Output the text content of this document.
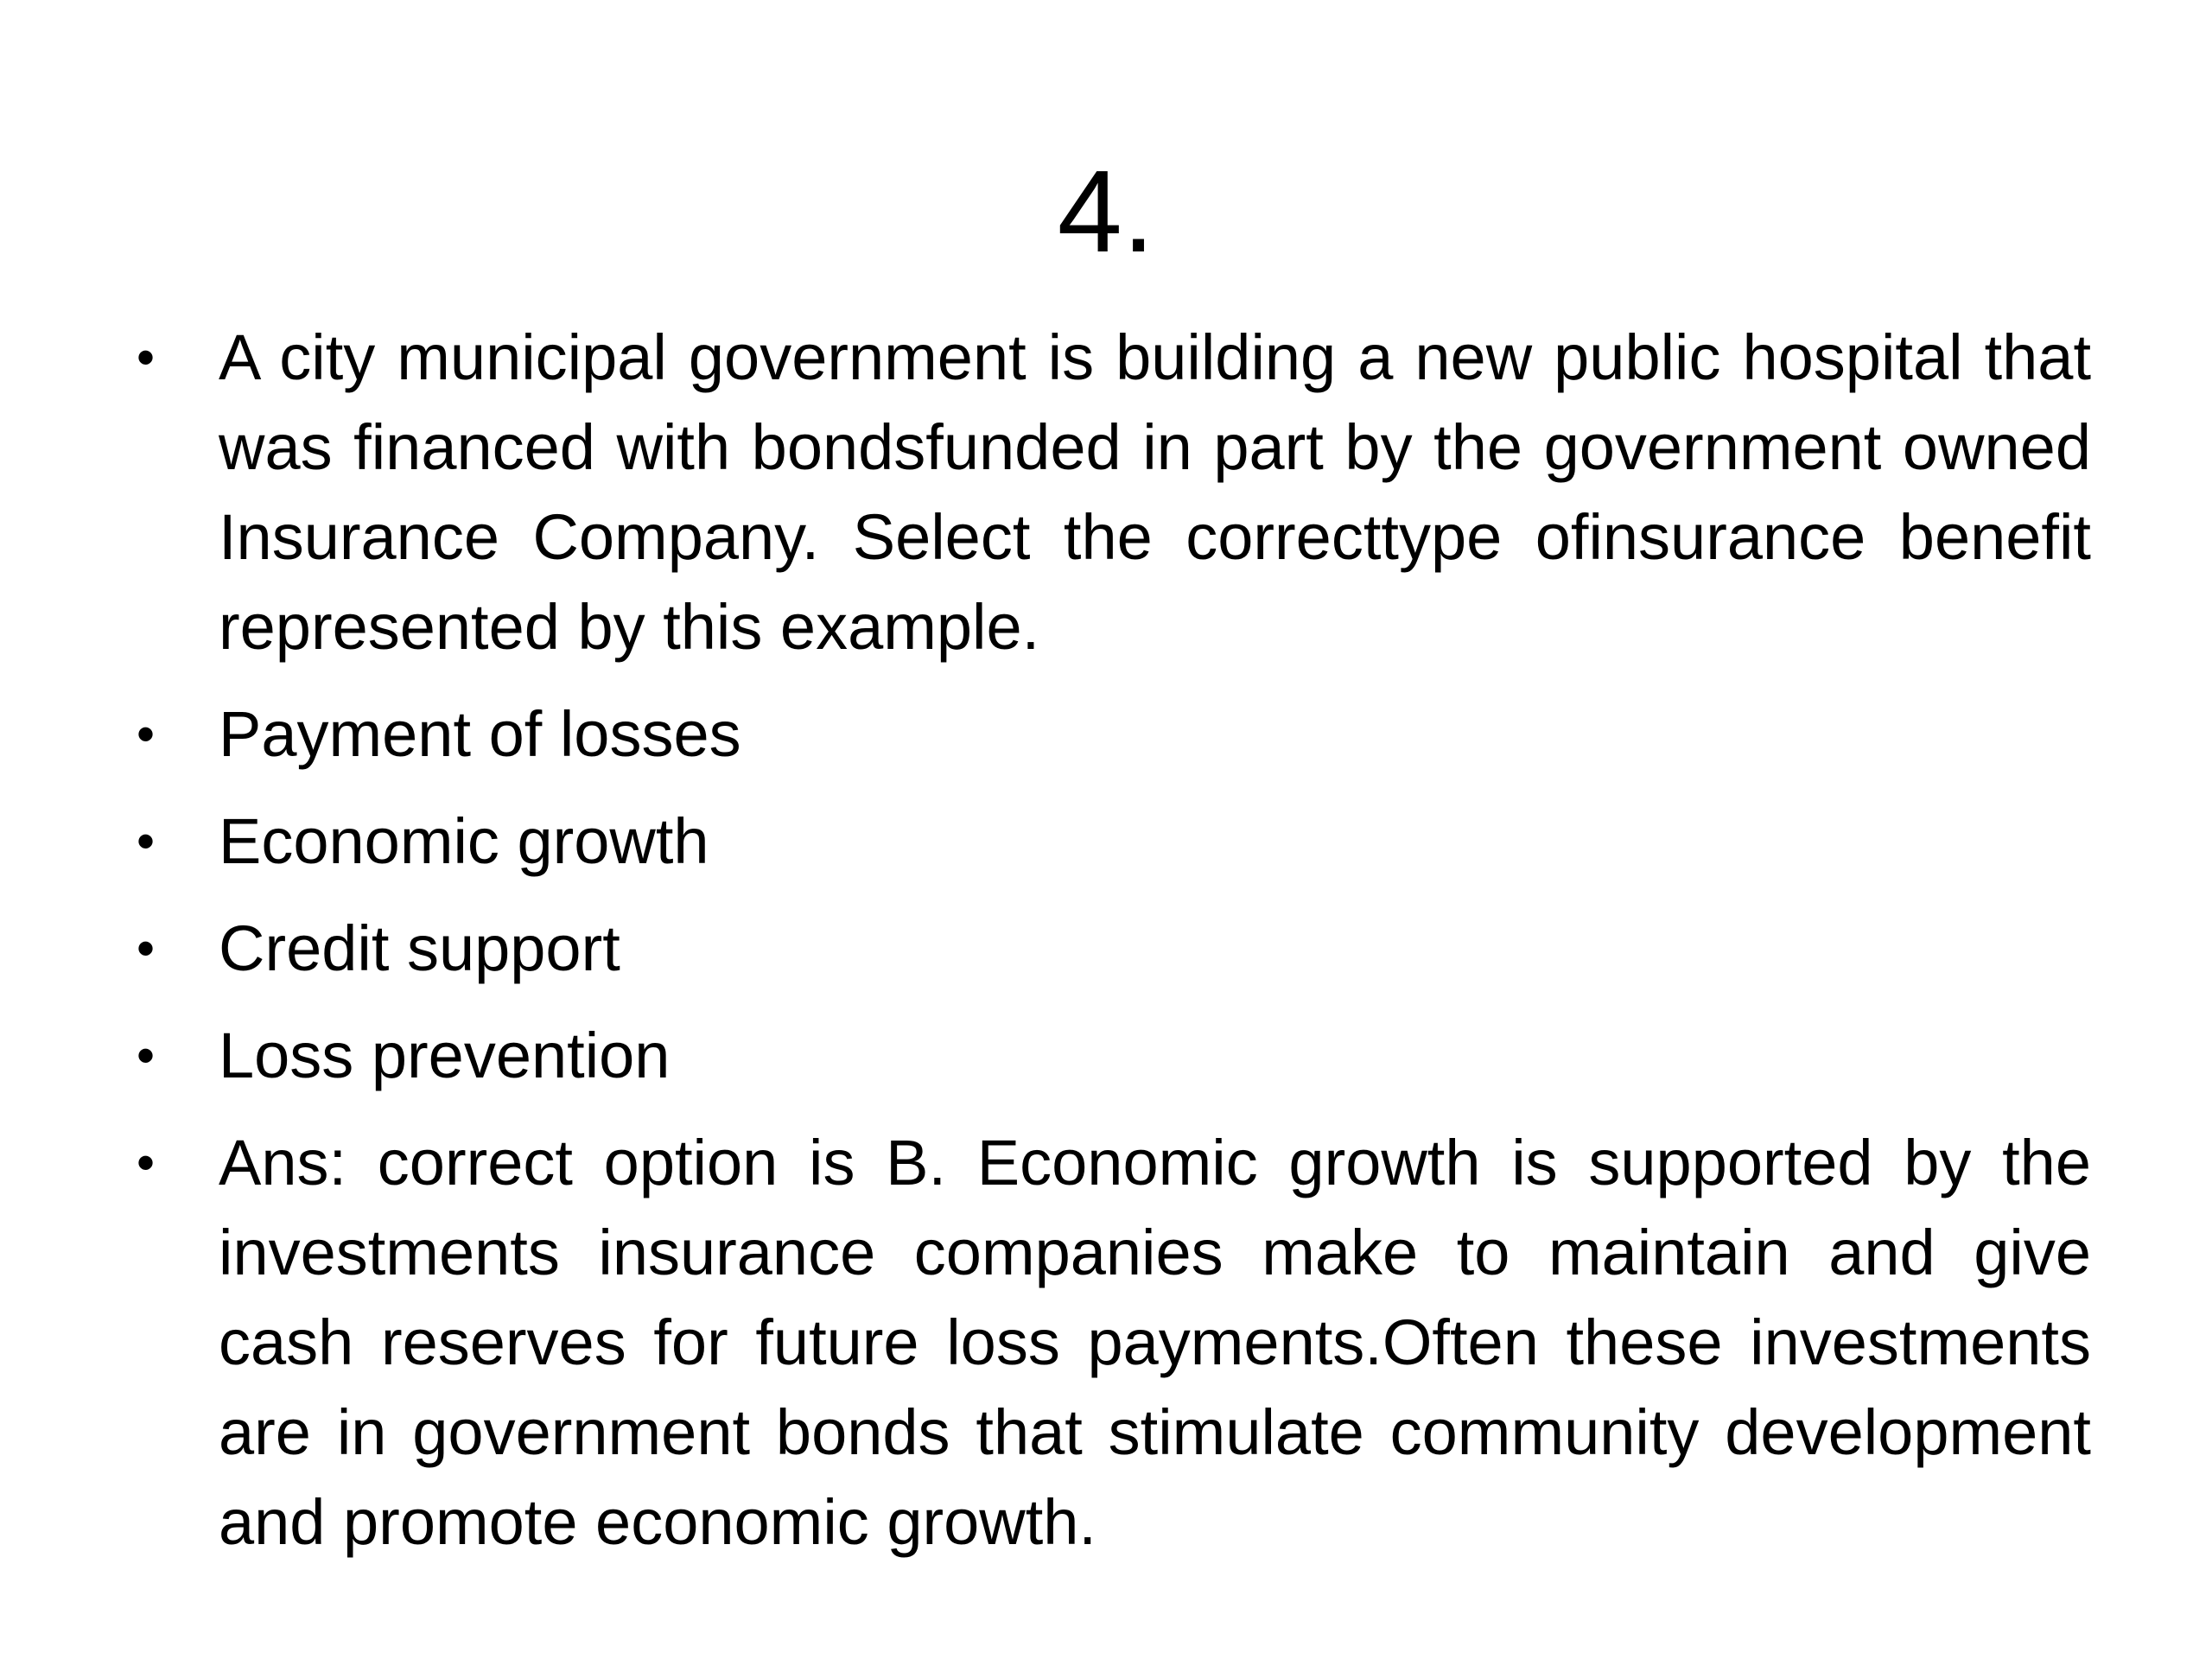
4.
• A city municipal government is building a new public hospital that was financed with bondsfunded in part by the government owned Insurance Company. Select the correcttype ofinsurance benefit represented by this example.
• Payment of losses
• Economic growth
• Credit support
• Loss prevention
• Ans: correct option is B. Economic growth is supported by the investments insurance companies make to maintain and give cash reserves for future loss payments.Often these investments are in government bonds that stimulate community development and promote economic growth.
